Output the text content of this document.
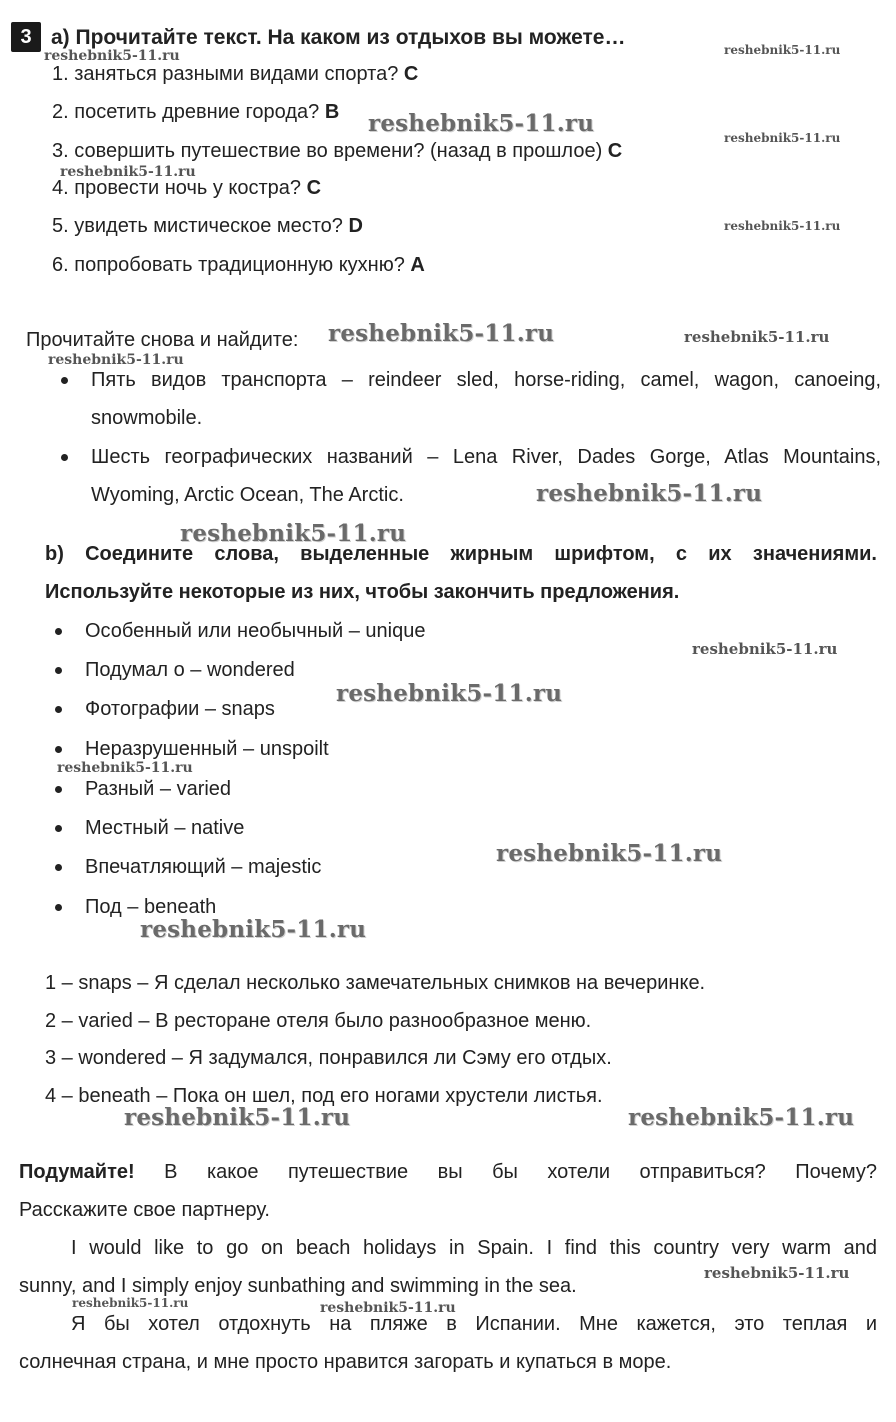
3 a) Прочитайте текст. На каком из отдыхов вы можете…
1. заняться разными видами спорта? C
2. посетить древние города? B
3. совершить путешествие во времени? (назад в прошлое) C
4. провести ночь у костра? C
5. увидеть мистическое место? D
6. попробовать традиционную кухню? A
Прочитайте снова и найдите:
Пять видов транспорта – reindeer sled, horse-riding, camel, wagon, canoeing,
snowmobile.
Шесть географических названий – Lena River, Dades Gorge, Atlas Mountains,
Wyoming, Arctic Ocean, The Arctic.
b) Соедините слова, выделенные жирным шрифтом, с их значениями.
Используйте некоторые из них, чтобы закончить предложения.
Особенный или необычный – unique
Подумал о – wondered
Фотографии – snaps
Неразрушенный – unspoilt
Разный – varied
Местный – native
Впечатляющий – majestic
Под – beneath
1 – snaps – Я сделал несколько замечательных снимков на вечеринке.
2 – varied – В ресторане отеля было разнообразное меню.
3 – wondered – Я задумался, понравился ли Сэму его отдых.
4 – beneath – Пока он шел, под его ногами хрустели листья.
Подумайте! В какое путешествие вы бы хотели отправиться? Почему?
Расскажите свое партнеру.
I would like to go on beach holidays in Spain. I find this country very warm and
sunny, and I simply enjoy sunbathing and swimming in the sea.
Я бы хотел отдохнуть на пляже в Испании. Мне кажется, это теплая и
солнечная страна, и мне просто нравится загорать и купаться в море.
reshebnik5-11.ru	reshebnik5-11.ru
reshebnik5-11.ru
reshebnik5-11.ru
reshebnik5-11.ru
reshebnik5-11.ru
reshebnik5-11.ru	reshebnik5-11.ru
reshebnik5-11.ru
reshebnik5-11.ru
reshebnik5-11.ru
reshebnik5-11.ru
reshebnik5-11.ru
reshebnik5-11.ru
reshebnik5-11.ru
reshebnik5-11.ru
reshebnik5-11.ru	reshebnik5-11.ru
reshebnik5-11.ru
reshebnik5-11.ru	reshebnik5-11.ru
